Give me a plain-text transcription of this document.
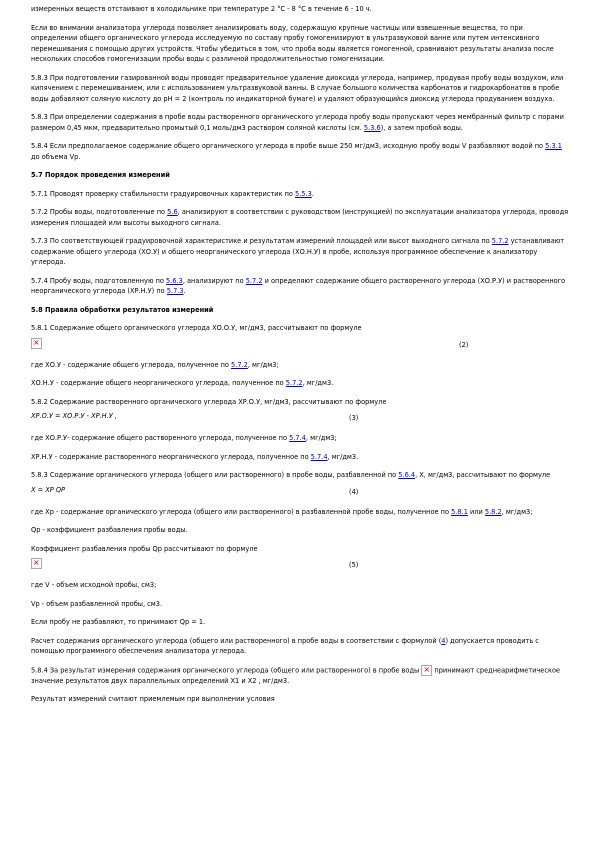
измеренных веществ отстаивают в холодильнике при температуре 2 °C - 8 °C в течение 6 - 10 ч.

Если во внимании анализатора углерода позволяет анализировать воду, содержащую крупные частицы или взвешенные вещества, то при определении общего органического углерода исследуемую по составу пробу гомогенизируют в ультразвуковой ванне или путем интенсивного перемешивания с помощью других устройств. Чтобы убедиться в том, что проба воды является гомогенной, сравнивают результаты анализа после нескольких способов гомогенизации пробы воды с различной продолжительностью гомогенизации.

5.8.3 При подготовлении газированной воды проводят предварительное удаление диоксида углерода, например, продувая пробу воды воздухом, или кипячением с перемешиванием, или с использованием ультразвуковой ванны. В случае большого количества карбонатов и гидрокарбонатов в пробе воды добавляют соляную кислоту до рН = 2 (контроль по индикаторной бумаге) и удаляют образующийся диоксид углерода продуванием воздуха.

5.8.3 При определении содержания в пробе воды растворенного органического углерода пробу воды пропускают через мембранный фильтр с порами размером 0,45 мкм, предварительно промытый 0,1 моль/дм3 раствором соляной кислоты (см. 5.3.6), а затем пробой воды.

5.8.4 Если предполагаемое содержание общего органического углерода в пробе выше 250 мг/дм3, исходную пробу воды V разбавляют водой по 5.3.1 до объема Vp.

5.7 Порядок проведения измерений

5.7.1 Проводят проверку стабильности градуировочных характеристик по 5.5.3.

5.7.2 Пробы воды, подготовленные по 5.6, анализируют в соответствии с руководством (инструкцией) по эксплуатации анализатора углерода, проводя измерения площадей или высоты выходного сигнала.

5.7.3 По соответствующей градуировочной характеристике и результатам измерений площадей или высот выходного сигнала по 5.7.2 устанавливают содержание общего углерода (ХО.У) и общего неорганического углерода (ХО.Н.У) в пробе, используя программное обеспечение к анализатору углерода.

5.7.4 Пробу воды, подготовленную по 5.6.3, анализируют по 5.7.2 и определяют содержание общего растворенного углерода (ХО.Р.У) и растворенного неорганического углерода (ХР.Н.У) по 5.7.3.

5.8 Правила обработки результатов измерений

5.8.1 Содержание общего органического углерода ХО.О.У, мг/дм3, рассчитывают по формуле

×
(2)

где ХО.У - содержание общего углерода, полученное по 5.7.2, мг/дм3;

ХО.Н.У - содержание общего неорганического углерода, полученное по 5.7.2, мг/дм3.

5.8.2 Содержание растворенного органического углерода ХР.О.У, мг/дм3, рассчитывают по формуле

ХР.О.У = ХО.Р.У - ХР.Н.У ,	(3)

где ХО.Р.У- содержание общего растворенного углерода, полученное по 5.7.4, мг/дм3;

ХР.Н.У - содержание растворенного неорганического углерода, полученное по 5.7.4, мг/дм3.

5.8.3 Содержание органического углерода (общего или растворенного) в пробе воды, разбавленной по 5.6.4, Х, мг/дм3, рассчитывают по формуле

Х = ХР QР	(4)

где Хр - содержание органического углерода (общего или растворенного) в разбавленной пробе воды, полученное по 5.8.1 или 5.8.2, мг/дм3;

Qр - коэффициент разбавления пробы воды.

Коэффициент разбавления пробы Qр рассчитывают по формуле

×
(5)

где V - объем исходной пробы, см3;

Vp - объем разбавленной пробы, см3.

Если пробу не разбавляют, то принимают Qр = 1.

Расчет содержания органического углерода (общего или растворенного) в пробе воды в соответствии с формулой (4) допускается проводить с помощью программного обеспечения анализатора углерода.

5.8.4 За результат измерения содержания органического углерода (общего или растворенного) в пробе воды × принимают среднеарифметическое значение результатов двух параллельных определений Х1 и Х2 , мг/дм3.

Результат измерений считают приемлемым при выполнении условия
